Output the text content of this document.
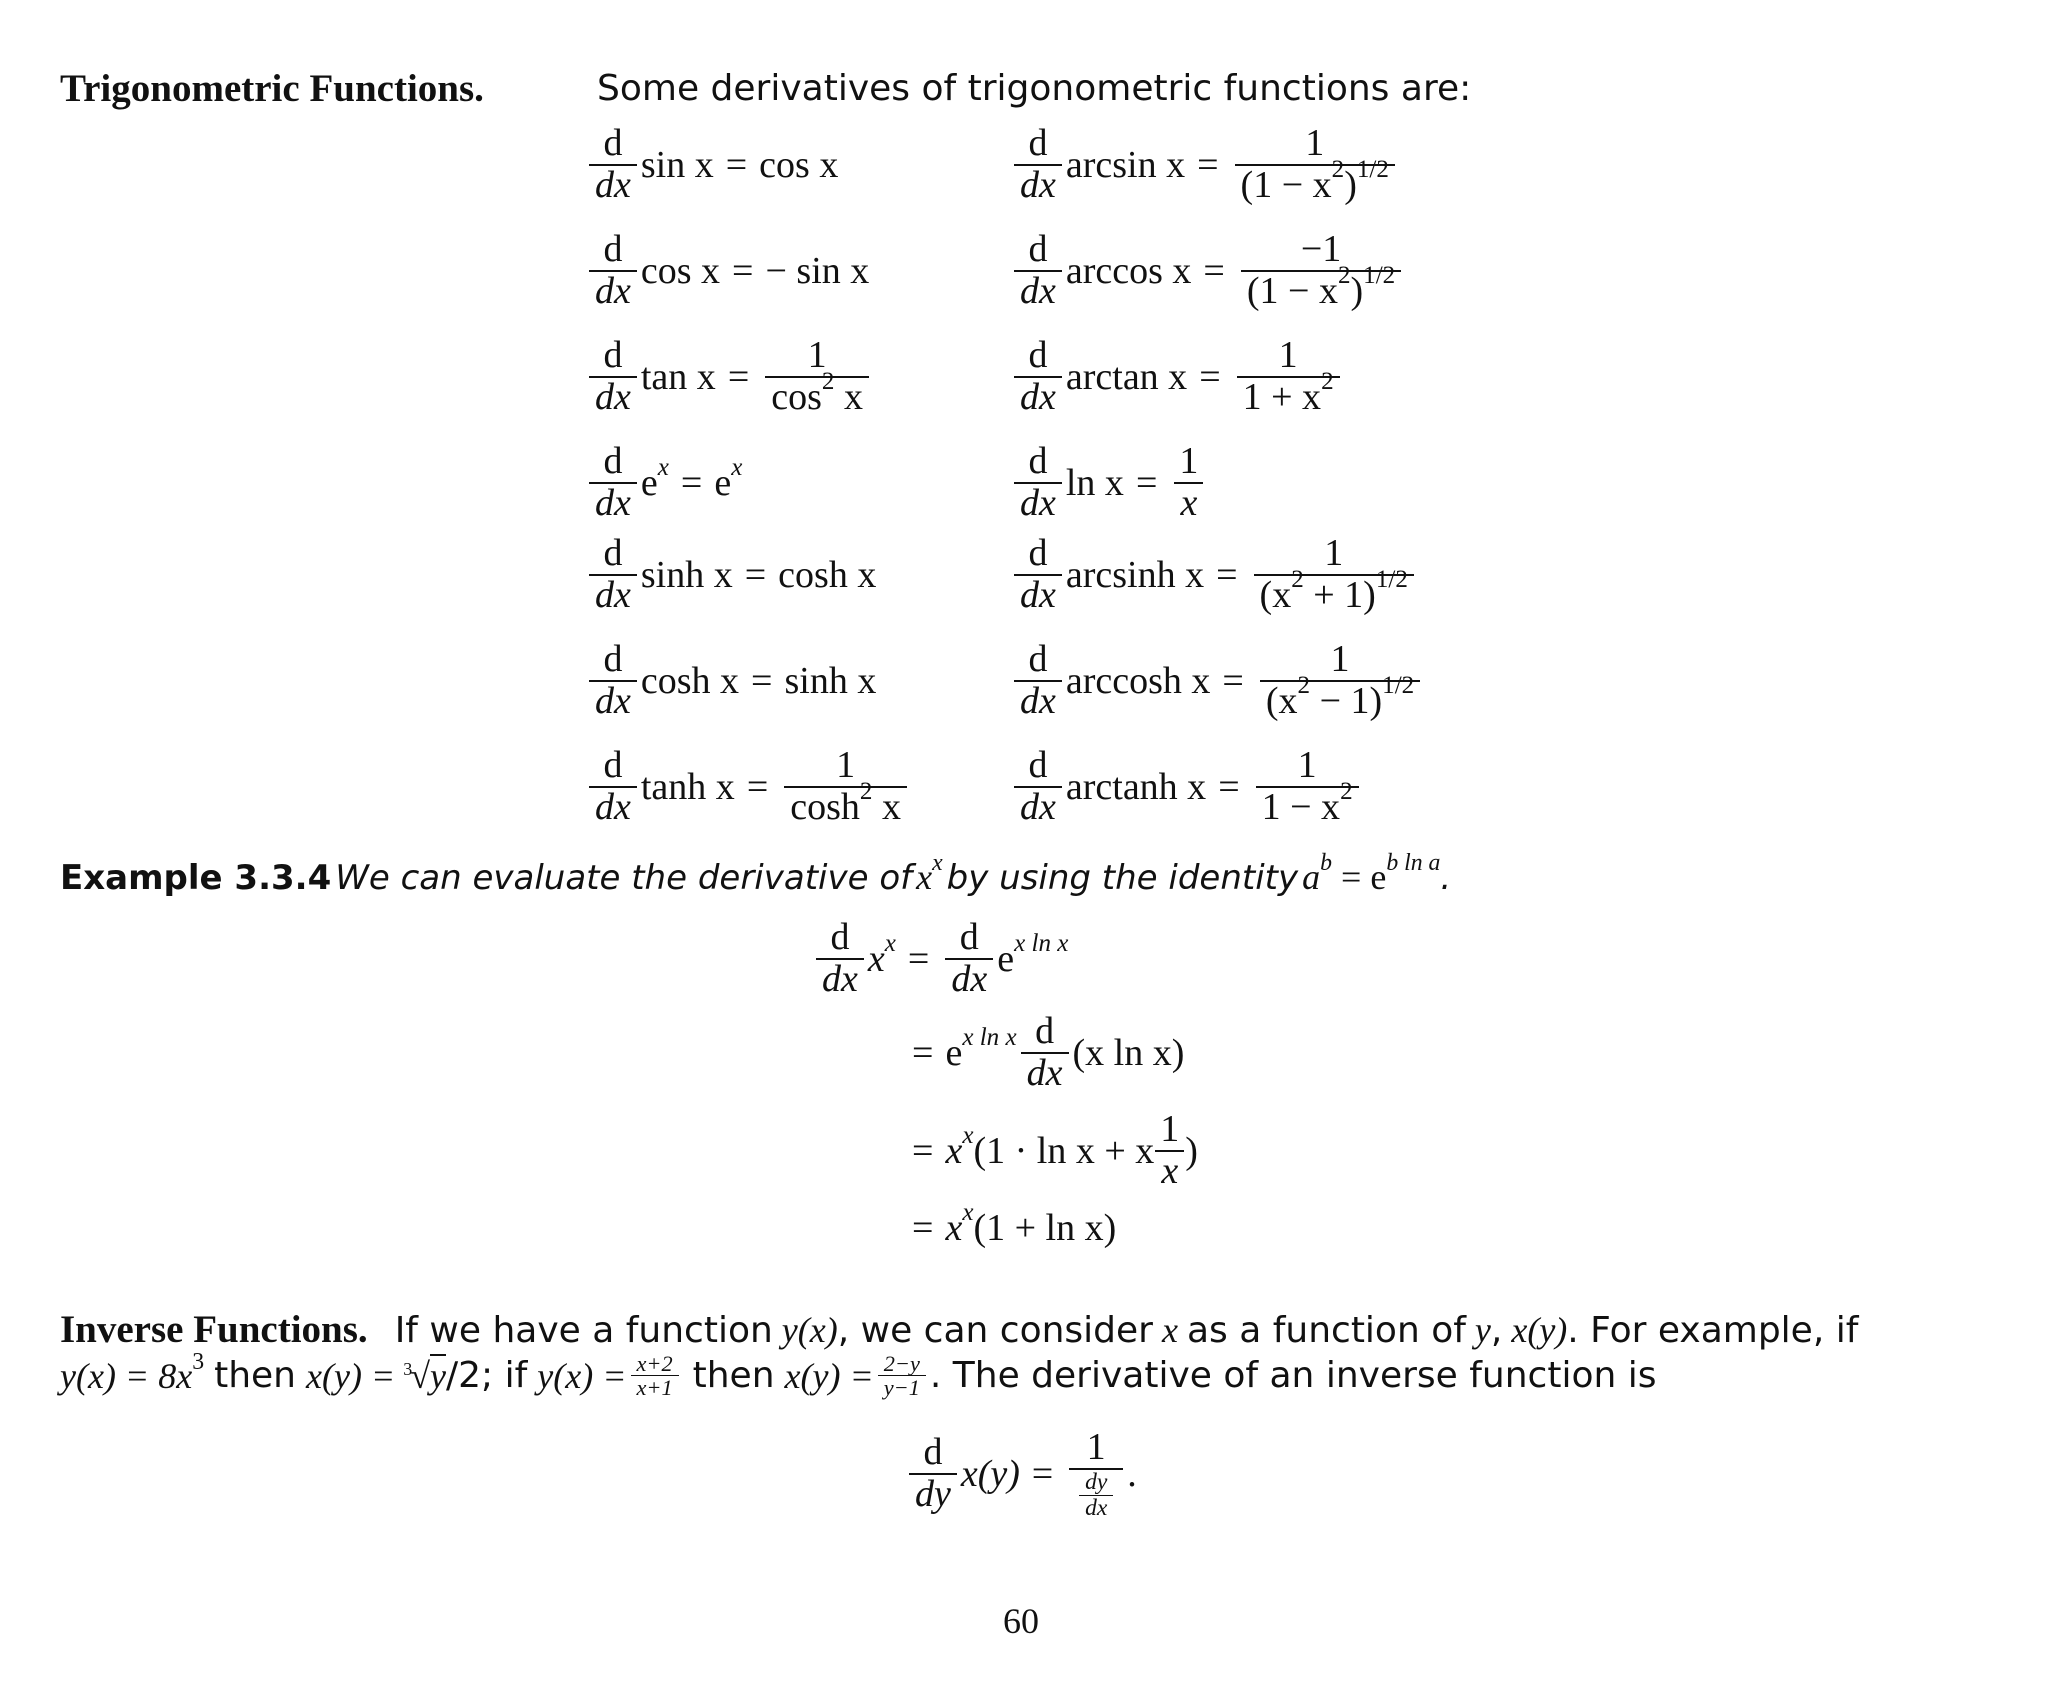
Trigonometric Functions.	Some derivatives of trigonometric functions are:
$\frac{d}{dx}$ sin x = cos x
$\frac{d}{dx}$ cos x = − sin x
$\frac{d}{dx}$ $\tan x = \frac{1}{\cos^2 x}$
$\frac{d}{dx} e^x = e^x$
$\frac{d}{dx}$ sinh x = cosh x
$\frac{d}{dx}$ cosh x = sinh x
$\frac{d}{dx}$ $\tanh x = \frac{1}{\cosh^2 x}$
$\frac{d}{dx}$ $\arcsin x = \frac{1}{(1 - x^2)^{1/2}}$
$\frac{d}{dx}$ $\arccos x = \frac{-1}{(1 - x^2)^{1/2}}$
$\frac{d}{dx}$ $\arctan x = \frac{1}{1 + x^2}$
$\frac{d}{dx}$ $\ln x = \frac{1}{x}$
$\frac{d}{dx}$ arcsinh $x = \frac{1}{(x^2 + 1)^{1/2}}$
$\frac{d}{dx}$ arccosh $x = \frac{1}{(x^2 - 1)^{1/2}}$
$\frac{d}{dx}$ arctanh $x = \frac{1}{1 - x^2}$
Example 3.3.4 We can evaluate the derivative of $x^x$ by using the identity $a^b = e^{b ln a}$.
$\frac{d}{dx} x^x = \frac{d}{dx} e^{x ln x}$
= $e^{x ln x} \frac{d}{dx} (x$ ln x)
= $x^x$ (1 · ln x + x $\frac{1}{x}$ )
= $x^x$ (1 + ln x)
Inverse Functions. If we have a function y(x), we can consider x as a function of y, x(y). For example, if
$y(x) = 8x^3$ then x(y) = $^3$√y /2; if $y(x) = \frac{x+2}{x+1}$ then $x(y) = \frac{2-y}{y-1}$ . The derivative of an inverse function is
$\frac{d}{dy} x(y) = \frac{1}{\frac{dy}{dx}}$ .
60
